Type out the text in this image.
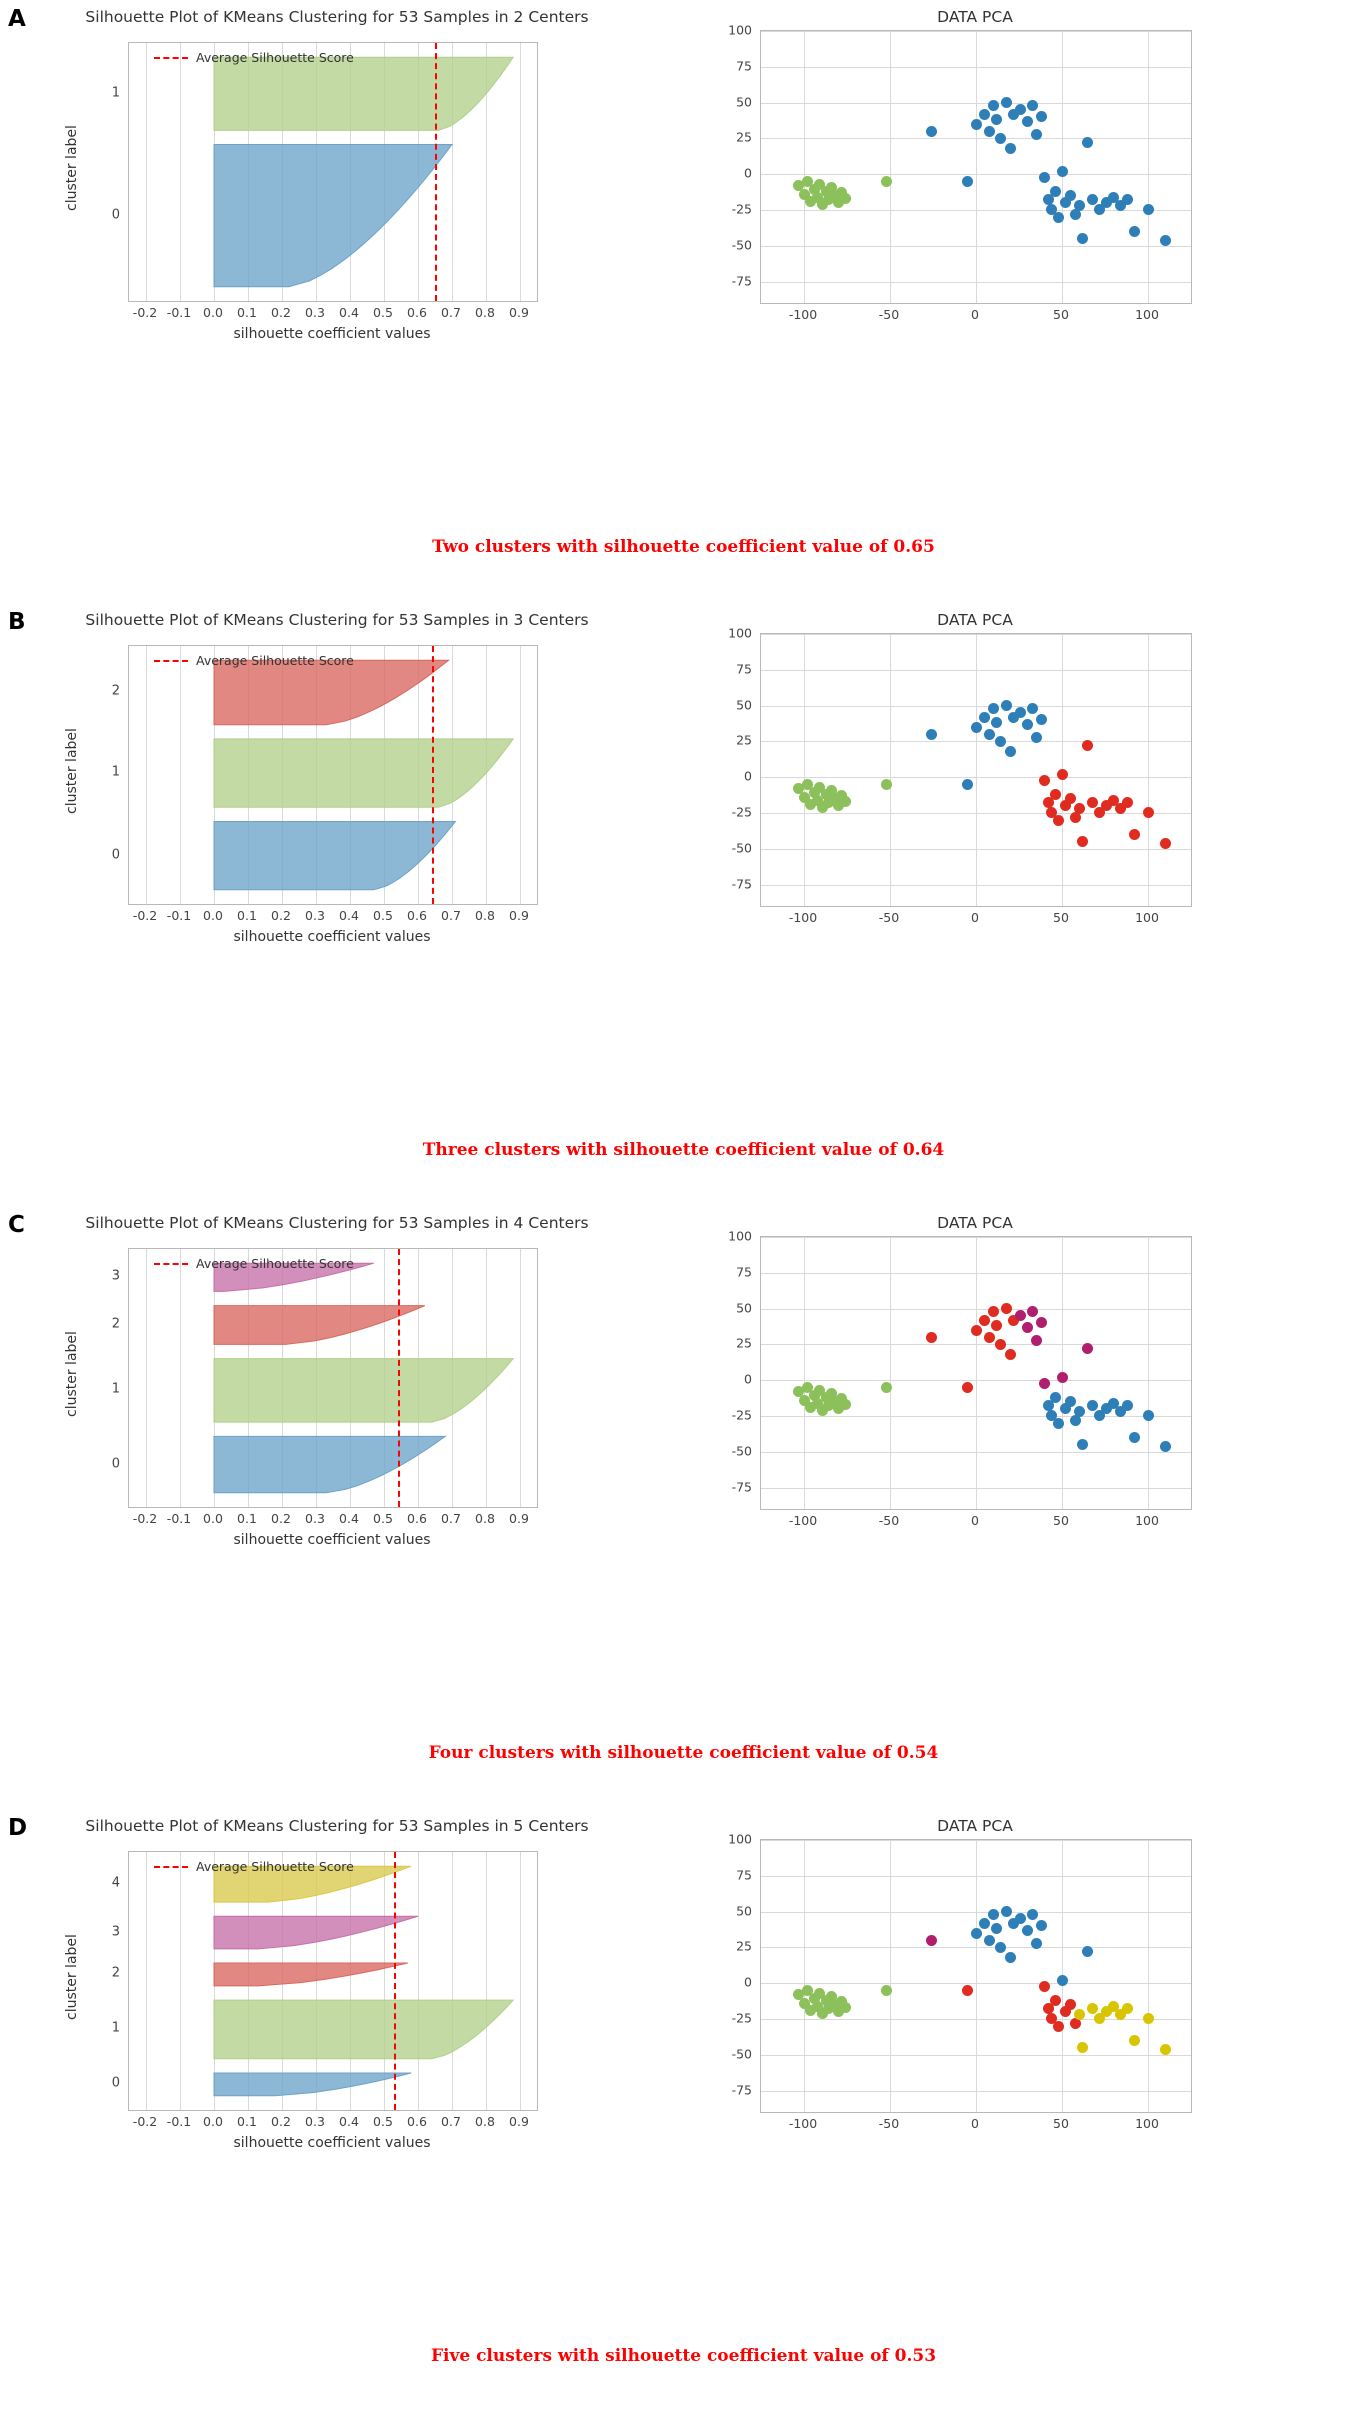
A	Silhouette Plot of KMeans Clustering for 53 Samples in 2 Centers
-0.2 -0.1 0.0 0.1 0.2 0.3 0.4 0.5 0.6 0.7 0.8 0.9
0
1
Average Silhouette Score
silhouette coefficient values
cluster label
DATA PCA
-100	-50	0	50	100
-75
-50
-25
0
25
50
75
100
Two clusters with silhouette coefficient value of 0.65
B	Silhouette Plot of KMeans Clustering for 53 Samples in 3 Centers
-0.2 -0.1 0.0 0.1 0.2 0.3 0.4 0.5 0.6 0.7 0.8 0.9
0
1
2
Average Silhouette Score
silhouette coefficient values
cluster label
DATA PCA
-100	-50	0	50	100
-75
-50
-25
0
25
50
75
100
Three clusters with silhouette coefficient value of 0.64
C	Silhouette Plot of KMeans Clustering for 53 Samples in 4 Centers
-0.2 -0.1 0.0 0.1 0.2 0.3 0.4 0.5 0.6 0.7 0.8 0.9
0
1
2
3
Average Silhouette Score
silhouette coefficient values
cluster label
DATA PCA
-100	-50	0	50	100
-75
-50
-25
0
25
50
75
100
Four clusters with silhouette coefficient value of 0.54
D	Silhouette Plot of KMeans Clustering for 53 Samples in 5 Centers
-0.2 -0.1 0.0 0.1 0.2 0.3 0.4 0.5 0.6 0.7 0.8 0.9
0
1
2
3
4
Average Silhouette Score
silhouette coefficient values
cluster label
DATA PCA
-100	-50	0	50	100
-75
-50
-25
0
25
50
75
100
Five clusters with silhouette coefficient value of 0.53
